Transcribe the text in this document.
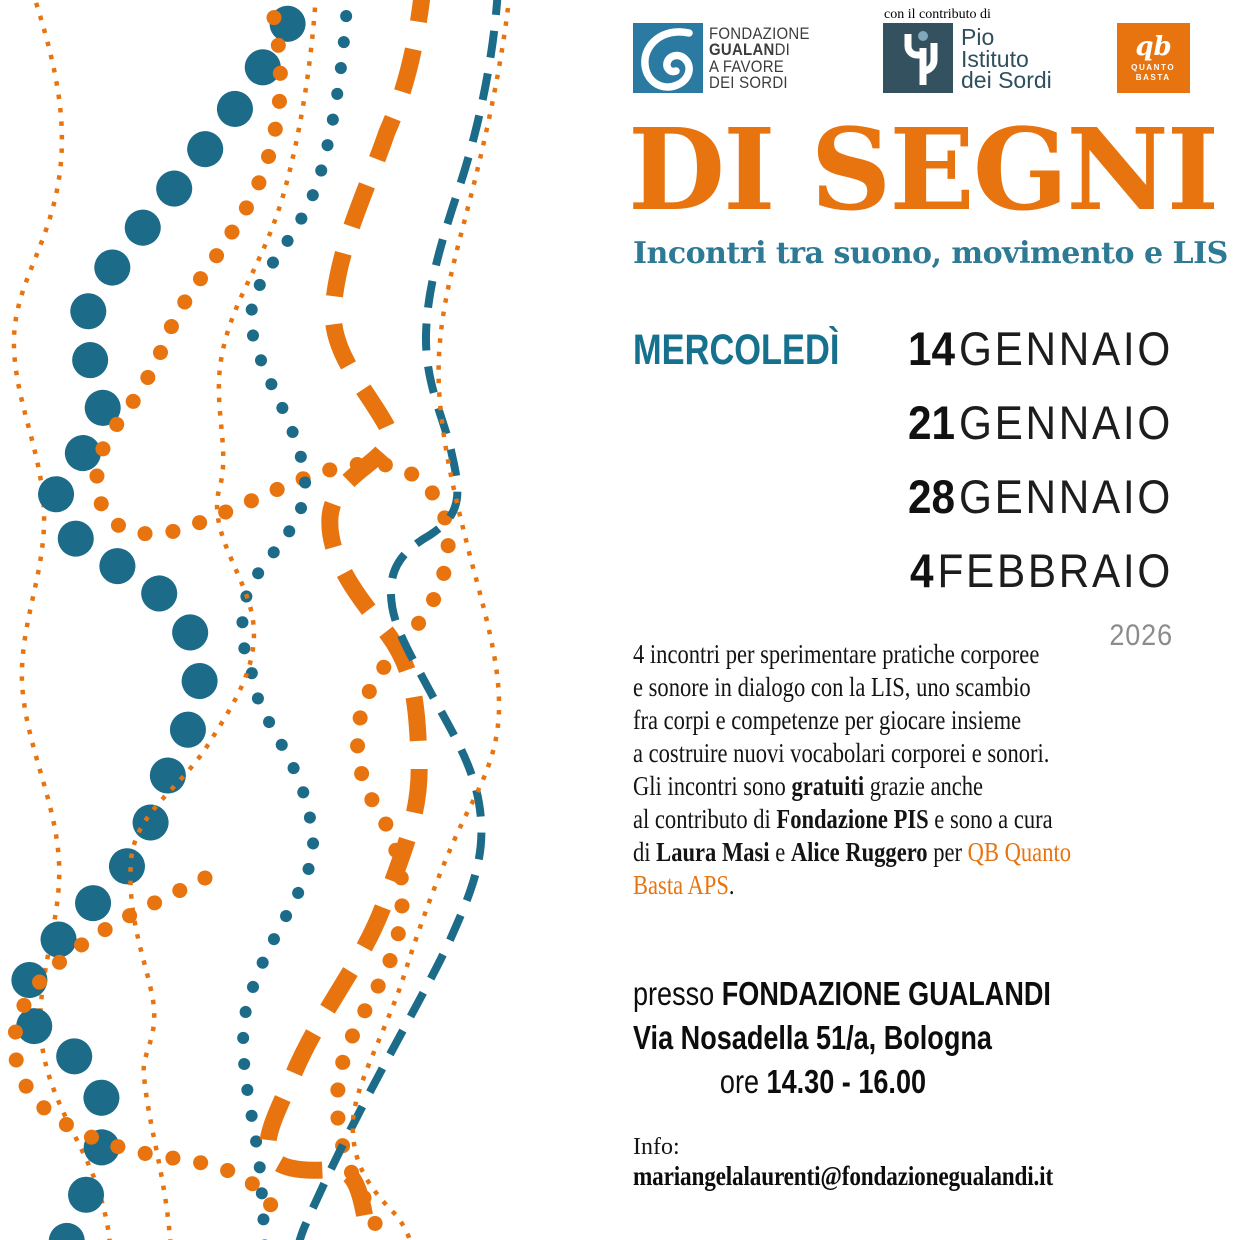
FONDAZIONE
GUALANDI
A FAVORE
DEI SORDI
con il contributo di
Pio
Istituto
dei Sordi
qb
QUANTO
BASTA
DI SEGNI
Incontri tra suono, movimento e LIS
MERCOLEDÌ	14 GENNAIO
21 GENNAIO
28 GENNAIO
4 FEBBRAIO
2026
4 incontri per sperimentare pratiche corporee
e sonore in dialogo con la LIS, uno scambio
fra corpi e competenze per giocare insieme
a costruire nuovi vocabolari corporei e sonori.
Gli incontri sono gratuiti grazie anche
al contributo di Fondazione PIS e sono a cura
di Laura Masi e Alice Ruggero per QB Quanto
Basta APS.
presso FONDAZIONE GUALANDI
Via Nosadella 51/a, Bologna
ore 14.30 - 16.00
Info:
mariangelalaurenti@fondazionegualandi.it
